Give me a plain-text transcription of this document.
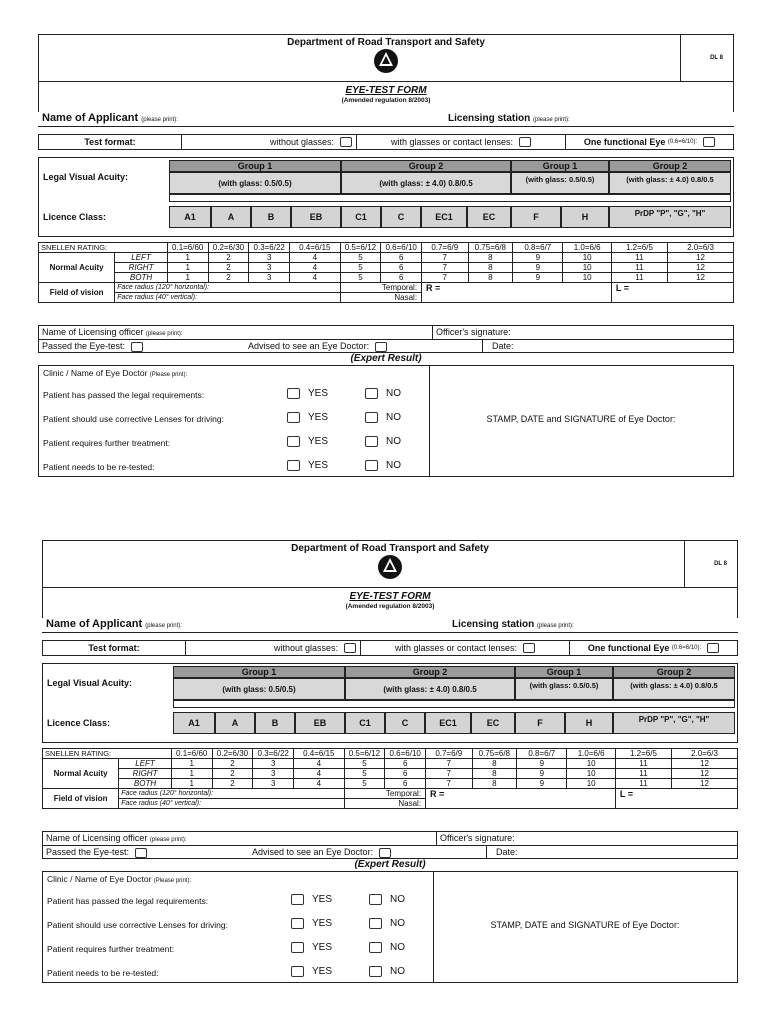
Department of Road Transport and Safety
DL 8
EYE-TEST FORM
(Amended regulation 8/2003)
Name of Applicant (please print):	Licensing station (please print):
Test format:	without glasses:	with glasses or contact lenses:	One functional Eye
(0.6=6/10):
Legal Visual Acuity:
Licence Class:
Group 1	Group 2	Group 1	Group 2
(with glass: 0.5/0.5)	(with glass: ± 4.0) 0.8/0.5	(with glass: 0.5/0.5)	(with glass: ± 4.0) 0.8/0.5
A1	A	B	EB	C1	C	EC1	EC	F	H	PrDP "P", "G", "H"
SNELLEN RATING:		0.1=6/60	0.2=6/30	0.3=6/22	0.4=6/15	0.5=6/12	0.6=6/10	0.7=6/9	0.75=6/8	0.8=6/7	1.0=6/6	1.2=6/5	2.0=6/3
Normal Acuity	LEFT	1	2	3	4	5	6	7	8	9	10	11	12
	RIGHT	1	2	3	4	5	6	7	8	9	10	11	12
	BOTH	1	2	3	4	5	6	7	8	9	10	11	12
Field of vision	Face radius (120° horizontal):					Temporal:		R =				L =	
	Face radius (40° vertical):					Nasal:							
Name of Licensing officer (please print):	Officer's signature:
Passed the Eye-test:	Advised to see an Eye Doctor:	Date:
(Expert Result)
Clinic / Name of Eye Doctor (Please print):
Patient has passed the legal requirements:
Patient should use corrective Lenses for driving:
Patient requires further treatment:
Patient needs to be re-tested:
YES
YES
YES
YES
NO
NO
NO
NO
STAMP, DATE and SIGNATURE of Eye Doctor:
Department of Road Transport and Safety
DL 8
EYE-TEST FORM
(Amended regulation 8/2003)
Name of Applicant (please print):	Licensing station (please print):
Test format:	without glasses:	with glasses or contact lenses:	One functional Eye
(0.6=6/10):
Legal Visual Acuity:
Licence Class:
Group 1	Group 2	Group 1	Group 2
(with glass: 0.5/0.5)	(with glass: ± 4.0) 0.8/0.5	(with glass: 0.5/0.5)	(with glass: ± 4.0) 0.8/0.5
A1	A	B	EB	C1	C	EC1	EC	F	H	PrDP "P", "G", "H"
SNELLEN RATING:		0.1=6/60	0.2=6/30	0.3=6/22	0.4=6/15	0.5=6/12	0.6=6/10	0.7=6/9	0.75=6/8	0.8=6/7	1.0=6/6	1.2=6/5	2.0=6/3
Normal Acuity	LEFT	1	2	3	4	5	6	7	8	9	10	11	12
	RIGHT	1	2	3	4	5	6	7	8	9	10	11	12
	BOTH	1	2	3	4	5	6	7	8	9	10	11	12
Field of vision	Face radius (120° horizontal):					Temporal:		R =				L =	
	Face radius (40° vertical):					Nasal:							
Name of Licensing officer (please print):	Officer's signature:
Passed the Eye-test:	Advised to see an Eye Doctor:	Date:
(Expert Result)
Clinic / Name of Eye Doctor (Please print):
Patient has passed the legal requirements:
Patient should use corrective Lenses for driving:
Patient requires further treatment:
Patient needs to be re-tested:
YES
YES
YES
YES
NO
NO
NO
NO
STAMP, DATE and SIGNATURE of Eye Doctor:
